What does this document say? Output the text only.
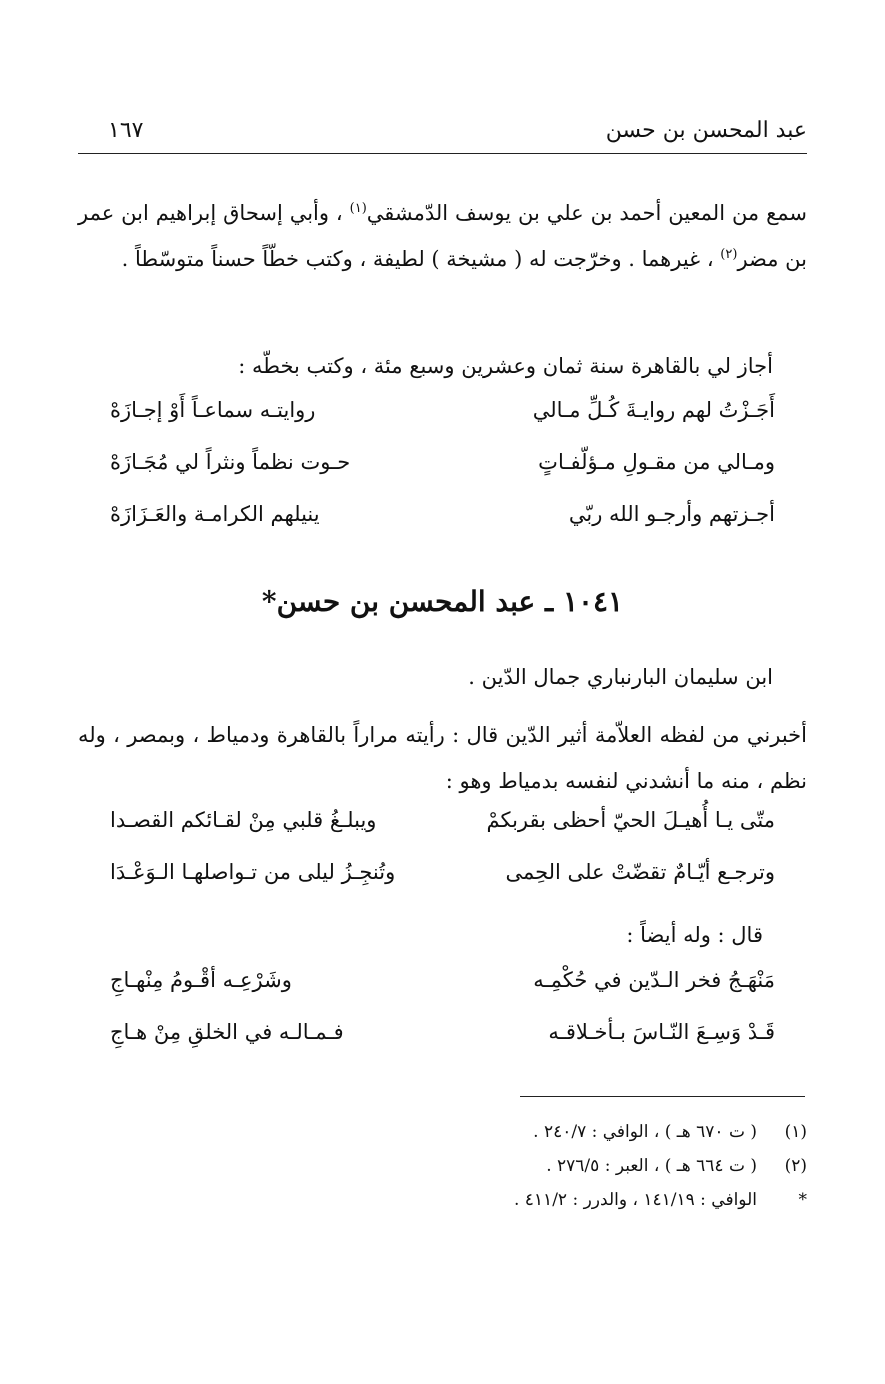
عبد المحسن بن حسن
١٦٧
سمع من المعين أحمد بن علي بن يوسف الدّمشقي$^{(١)}$ ، وأبي إسحاق إبراهيم ابن عمر بن مضر$^{(٢)}$ ، غيرهما . وخرّجت له ( مشيخة ) لطيفة ، وكتب خطّاً حسناً متوسّطاً .
أجاز لي بالقاهرة سنة ثمان وعشرين وسبع مئة ، وكتب بخطّه :
أَجَـزْتُ لهم روايـةَ كُـلِّ مـالي
روايتـه سماعـاً أَوْ إجـازَهْ
ومـالي من مقـولِ مـؤلّفـاتٍ
حـوت نظماً ونثراً لي مُجَـازَهْ
أجـزتهم وأرجـو الله ربّي
ينيلهم الكرامـة والعَـزَازَهْ
١٠٤١ ـ عبد المحسن بن حسن*
ابن سليمان البارنباري جمال الدّين .
أخبرني من لفظه العلاّمة أثير الدّين قال : رأيته مراراً بالقاهرة ودمياط ، وبمصر ، وله نظم ، منه ما أنشدني لنفسه بدمياط وهو :
متّى يـا أُهيـلَ الحيّ أحظى بقربكمْ
ويبلـغُ قلبي مِنْ لقـائكم القصـدا
وترجـع أيّـامٌ تقضّتْ على الحِمى
وتُنجِـزُ ليلى من تـواصلهـا الـوَعْـدَا
قال : وله أيضاً :
مَنْهَـجُ فخر الـدّين في حُكْمِـه
وشَرْعِـه أقْـومُ مِنْهـاجِ
قَـدْ وَسِـعَ النّـاسَ بـأخـلاقـه
فـمـالـه في الخلقِ مِنْ هـاجِ
(١)
( ت ٦٧٠ هـ ) ، الوافي : ٢٤٠/٧ .
(٢)
( ت ٦٦٤ هـ ) ، العبر : ٢٧٦/٥ .
*
الوافي : ١٤١/١٩ ، والدرر : ٤١١/٢ .
